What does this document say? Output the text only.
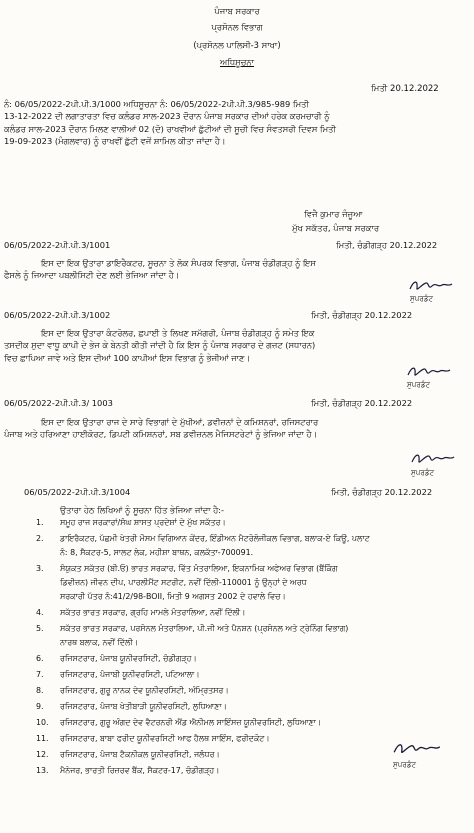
ਪੰਜਾਬ ਸਰਕਾਰ
ਪ੍ਰਸੋਨਲ ਵਿਭਾਗ
(ਪ੍ਰਸੋਨਲ ਪਾਲਿਸੀ-3 ਸਾਖਾ)
ਅਧਿਸੂਚਨਾ
ਮਿਤੀ 20.12.2022
ਨੰ: 06/05/2022-2ਪੀ.ਪੀ.3/1000 ਅਧਿਸੂਚਨਾ ਨੰ: 06/05/2022-2ਪੀ.ਪੀ.3/985-989 ਮਿਤੀ
13-12-2022 ਦੀ ਲਗਾਤਾਰਤਾ ਵਿਚ ਕਲੰਡਰ ਸਾਲ-2023 ਦੌਰਾਨ ਪੰਜਾਬ ਸਰਕਾਰ ਦੀਆਂ ਹਰੇਕ ਕਰਮਚਾਰੀ ਨੂੰ
ਕਲੰਡਰ ਸਾਲ-2023 ਦੌਰਾਨ ਮਿਲਣ ਵਾਲੀਆਂ 02 (ਦੋ) ਰਾਖਵੀਆਂ ਛੁੱਟੀਆਂ ਦੀ ਸੂਚੀ ਵਿਚ ਸੰਵਤਸਰੀ ਦਿਵਸ ਮਿਤੀ
19-09-2023 (ਮੰਗਲਵਾਰ) ਨੂੰ ਰਾਖਵੀਂ ਛੁੱਟੀ ਵਜੋਂ ਸ਼ਾਮਿਲ ਕੀਤਾ ਜਾਂਦਾ ਹੈ।
ਵਿਜੈ ਕੁਮਾਰ ਜੰਜੂਆ
ਮੁੱਖ ਸਕੱਤਰ, ਪੰਜਾਬ ਸਰਕਾਰ
06/05/2022-2ਪੀ.ਪੀ.3/1001	ਮਿਤੀ, ਚੰਡੀਗੜ੍ਹ 20.12.2022
ਇਸ ਦਾ ਇਕ ਉਤਾਰਾ ਡਾਇਰੈਕਟਰ, ਸੂਚਨਾ ਤੇ ਲੋਕ ਸੰਪਰਕ ਵਿਭਾਗ, ਪੰਜਾਬ ਚੰਡੀਗੜ੍ਹ ਨੂੰ ਇਸ
ਫੈਸਲੇ ਨੂੰ ਜਿਆਦਾ ਪਬਲੀਸਿਟੀ ਦੇਣ ਲਈ ਭੇਜਿਆ ਜਾਂਦਾ ਹੈ।
ਸੁਪਰਡੰਟ
06/05/2022-2ਪੀ.ਪੀ.3/1002	ਮਿਤੀ, ਚੰਡੀਗੜ੍ਹ 20.12.2022
ਇਸ ਦਾ ਇਕ ਉਤਾਰਾ ਕੰਟਰੋਲਰ, ਛਪਾਈ ਤੇ ਲਿਖਣ ਸਮੱਗਰੀ, ਪੰਜਾਬ ਚੰਡੀਗੜ੍ਹ ਨੂੰ ਸਮੇਤ ਇਕ
ਤਸਦੀਕ ਸੁਦਾ ਵਾਧੂ ਕਾਪੀ ਦੇ ਭੇਜ ਕੇ ਬੇਨਤੀ ਕੀਤੀ ਜਾਂਦੀ ਹੈ ਕਿ ਇਸ ਨੂੰ ਪੰਜਾਬ ਸਰਕਾਰ ਦੇ ਗਜ਼ਟ (ਸਧਾਰਨ)
ਵਿਚ ਛਾਪਿਆ ਜਾਵੇ ਅਤੇ ਇਸ ਦੀਆਂ 100 ਕਾਪੀਆਂ ਇਸ ਵਿਭਾਗ ਨੂੰ ਭੇਜੀਆਂ ਜਾਣ।
ਸੁਪਰਡੰਟ
06/05/2022-2ਪੀ.ਪੀ.3/ 1003	ਮਿਤੀ, ਚੰਡੀਗੜ੍ਹ 20.12.2022
ਇਸ ਦਾ ਇਕ ਉਤਾਰਾ ਰਾਜ ਦੇ ਸਾਰੇ ਵਿਭਾਗਾਂ ਦੇ ਮੁੱਖੀਆਂ, ਡਵੀਜ਼ਨਾਂ ਦੇ ਕਮਿਸ਼ਨਰਾਂ, ਰਜਿਸਟਰਾਰ
ਪੰਜਾਬ ਅਤੇ ਹਰਿਆਣਾ ਹਾਈਕੋਰਟ, ਡਿਪਟੀ ਕਮਿਸ਼ਨਰਾਂ, ਸਬ ਡਵੀਜ਼ਨਲ ਮੈਜਿਸਟਰੇਟਾਂ ਨੂੰ ਭੇਜਿਆ ਜਾਂਦਾ ਹੈ।
ਸੁਪਰਡੰਟ
06/05/2022-2ਪੀ.ਪੀ.3/1004	ਮਿਤੀ, ਚੰਡੀਗੜ੍ਹ 20.12.2022
ਉਤਾਰਾ ਹੇਠ ਲਿਖਿਆਂ ਨੂੰ ਸੂਚਨਾ ਹਿੱਤ ਭੇਜਿਆ ਜਾਂਦਾ ਹੈ:-
1. ਸਮੂਹ ਰਾਜ ਸਰਕਾਰਾਂ/ਸੰਘ ਸ਼ਾਸਤ ਪ੍ਰਦੇਸ਼ਾਂ ਦੇ ਮੁੱਖ ਸਕੱਤਰ।
2. ਡਾਇਰੈਕਟਰ, ਪੱਛਮੀ ਖੇਤਰੀ ਮੌਸਮ ਵਿਗਿਆਨ ਕੇਂਦਰ, ਇੰਡੀਅਨ ਮੈਟਰੋਲੋਜੀਕਲ ਵਿਭਾਗ, ਬਲਾਕ-ਏ ਕਿਊ, ਪਲਾਟ
ਨੰ: 8, ਸੈਕਟਰ-5, ਸਾਲਟ ਲੇਕ, ਮਹੀਸ਼ਾ ਬਾਥਨ, ਕਲਕੱਤਾ-700091.
3. ਸੰਯੁਕਤ ਸਕੱਤਰ (ਬੀ.ਓ) ਭਾਰਤ ਸਰਕਾਰ, ਵਿੱਤ ਮੰਤਰਾਲਿਆ, ਇਕਨਾਮਿਕ ਅਫੇਅਰ ਵਿਭਾਗ (ਬੈਂਕਿੰਗ
ਡਿਵੀਜ਼ਨ) ਜੀਵਨ ਦੀਪ, ਪਾਰਲੀਮੈਂਟ ਸਟਰੀਟ, ਨਵੀਂ ਦਿੱਲੀ-110001 ਨੂੰ ਉਨ੍ਹਾਂ ਦੇ ਅਰਧ
ਸਰਕਾਰੀ ਪੱਤਰ ਨੰ:41/2/98-BOII, ਮਿਤੀ 9 ਅਗਸਤ 2002 ਦੇ ਹਵਾਲੇ ਵਿਚ।
4. ਸਕੱਤਰ ਭਾਰਤ ਸਰਕਾਰ, ਗ੍ਰਹਿ ਮਾਮਲੇ ਮੰਤਰਾਲਿਆ, ਨਵੀਂ ਦਿੱਲੀ।
5. ਸਕੱਤਰ ਭਾਰਤ ਸਰਕਾਰ, ਪਰਸੋਨਲ ਮੰਤਰਾਲਿਆ, ਪੀ.ਜੀ ਅਤੇ ਪੈਨਸ਼ਨ (ਪ੍ਰਸੋਨਲ ਅਤੇ ਟ੍ਰੇਨਿੰਗ ਵਿਭਾਗ)
ਨਾਰਥ ਬਲਾਕ, ਨਵੀਂ ਦਿੱਲੀ।
6. ਰਜਿਸਟਰਾਰ, ਪੰਜਾਬ ਯੂਨੀਵਰਸਿਟੀ, ਚੰਡੀਗੜ੍ਹ।
7. ਰਜਿਸਟਰਾਰ, ਪੰਜਾਬੀ ਯੂਨੀਵਰਸਿਟੀ, ਪਟਿਆਲਾ।
8. ਰਜਿਸਟਰਾਰ, ਗੁਰੂ ਨਾਨਕ ਦੇਵ ਯੂਨੀਵਰਸਿਟੀ, ਅੰਮ੍ਰਿਤਸਰ।
9. ਰਜਿਸਟਰਾਰ, ਪੰਜਾਬ ਖੇਤੀਬਾੜੀ ਯੂਨੀਵਰਸਿਟੀ, ਲੁਧਿਆਣਾ।
10. ਰਜਿਸਟਰਾਰ, ਗੁਰੂ ਅੰਗਦ ਦੇਵ ਵੈਟਰਨਰੀ ਐਂਡ ਐਨੀਮਲ ਸਾਇੰਸਜ਼ ਯੂਨੀਵਰਸਿਟੀ, ਲੁਧਿਆਣਾ।
11. ਰਜਿਸਟਰਾਰ, ਬਾਬਾ ਫਰੀਦ ਯੂਨੀਵਰਸਿਟੀ ਆਫ ਹੈਲਥ ਸਾਇੰਸ, ਫਰੀਦਕੋਟ।
12. ਰਜਿਸਟਰਾਰ, ਪੰਜਾਬ ਟੈਕਨੀਕਲ ਯੂਨੀਵਰਸਿਟੀ, ਜਲੰਧਰ।
13. ਮੈਨੇਜਰ, ਭਾਰਤੀ ਰਿਜ਼ਰਵ ਬੈਂਕ, ਸੈਕਟਰ-17, ਚੰਡੀਗੜ੍ਹ।
ਸੁਪਰਡੰਟ
